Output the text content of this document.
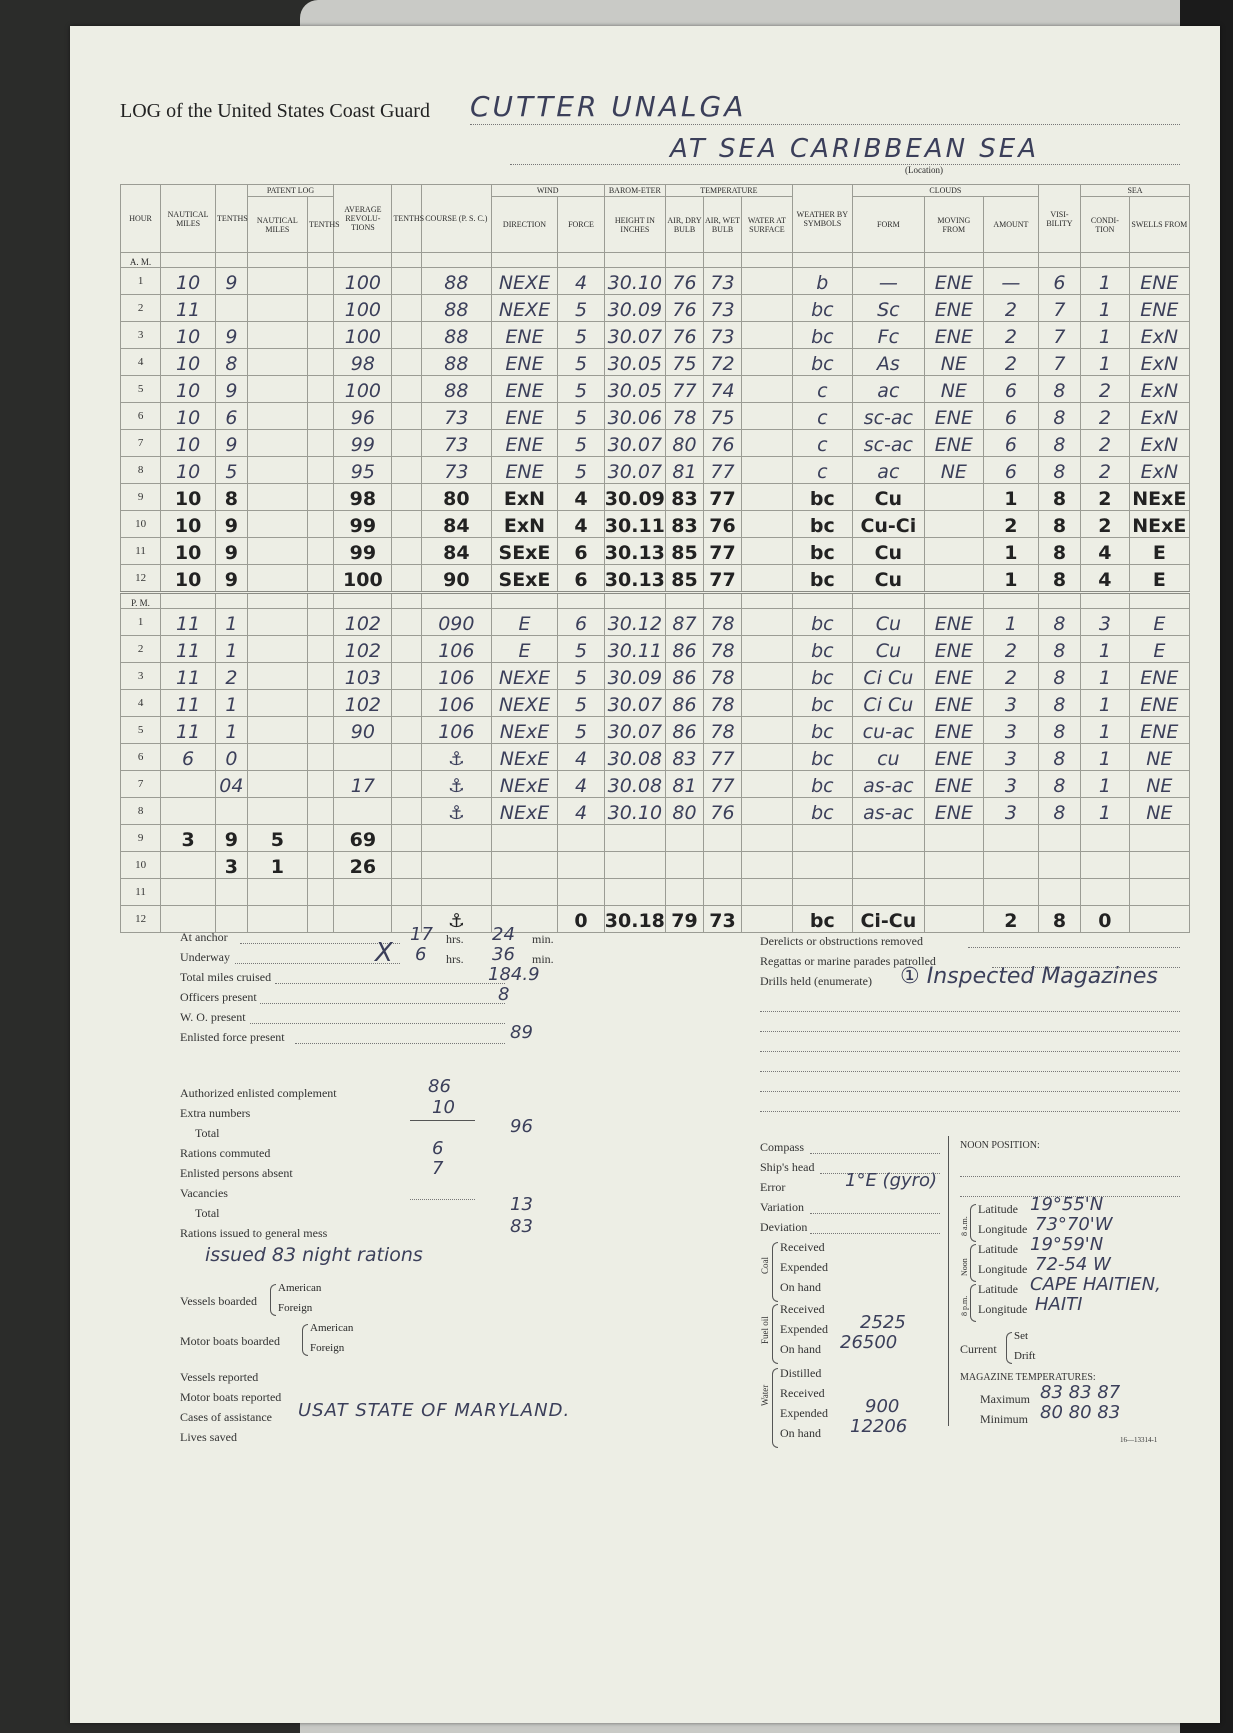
LOG of the United States Coast Guard CUTTER UNALGA
AT SEA CARIBBEAN SEA
(Location)
HOUR	NAUTICAL MILES	TENTHS	PATENT LOG		AVERAGE REVOLU-TIONS	TENTHS	COURSE (P. S. C.)	WIND		BAROM-ETER	TEMPERATURE			WEATHER BY SYMBOLS	CLOUDS			VISI-BILITY	SEA	
			NAUTICAL MILES	TENTHS				DIRECTION	FORCE	HEIGHT IN INCHES	AIR, DRY BULB	AIR, WET BULB	WATER AT SURFACE		FORM	MOVING FROM	AMOUNT		CONDI-TION	SWELLS FROM
A. M.																				
1	10	9			100		88	NEXE	4	30.10	76	73		b	—	ENE	—	6	1	ENE
2	11				100		88	NEXE	5	30.09	76	73		bc	Sc	ENE	2	7	1	ENE
3	10	9			100		88	ENE	5	30.07	76	73		bc	Fc	ENE	2	7	1	ExN
4	10	8			98		88	ENE	5	30.05	75	72		bc	As	NE	2	7	1	ExN
5	10	9			100		88	ENE	5	30.05	77	74		c	ac	NE	6	8	2	ExN
6	10	6			96		73	ENE	5	30.06	78	75		c	sc-ac	ENE	6	8	2	ExN
7	10	9			99		73	ENE	5	30.07	80	76		c	sc-ac	ENE	6	8	2	ExN
8	10	5			95		73	ENE	5	30.07	81	77		c	ac	NE	6	8	2	ExN
9	10	8			98		80	ExN	4	30.09	83	77		bc	Cu		1	8	2	NExE
10	10	9			99		84	ExN	4	30.11	83	76		bc	Cu-Ci		2	8	2	NExE
11	10	9			99		84	SExE	6	30.13	85	77		bc	Cu		1	8	4	E
12	10	9			100		90	SExE	6	30.13	85	77		bc	Cu		1	8	4	E
P. M.																				
1	11	1			102		090	E	6	30.12	87	78		bc	Cu	ENE	1	8	3	E
2	11	1			102		106	E	5	30.11	86	78		bc	Cu	ENE	2	8	1	E
3	11	2			103		106	NEXE	5	30.09	86	78		bc	Ci Cu	ENE	2	8	1	ENE
4	11	1			102		106	NEXE	5	30.07	86	78		bc	Ci Cu	ENE	3	8	1	ENE
5	11	1			90		106	NExE	5	30.07	86	78		bc	cu-ac	ENE	3	8	1	ENE
6	6	0					⚓	NExE	4	30.08	83	77		bc	cu	ENE	3	8	1	NE
7		04			17		⚓	NExE	4	30.08	81	77		bc	as-ac	ENE	3	8	1	NE
8							⚓	NExE	4	30.10	80	76		bc	as-ac	ENE	3	8	1	NE
9	3	9	5		69															
10		3	1		26															
11																				
12							⚓		0	30.18	79	73		bc	Ci-Cu		2	8	0	
At anchor	17 hrs. 24 min.
Underway	X 6 hrs. 36 min.
Total miles cruised	184.9
Officers present	8
W. O. present
Enlisted force present	89
Authorized enlisted complement	86
Extra numbers	10
Total	96
Rations commuted	6
Enlisted persons absent	7
Vacancies
Total	13
Rations issued to general mess	83
issued 83 night rations
Vessels boarded
American
Foreign
Motor boats boarded
American
Foreign
Vessels reported
Motor boats reported
Cases of assistance USAT STATE OF MARYLAND.
Lives saved
Derelicts or obstructions removed
Regattas or marine parades patrolled
Drills held (enumerate) ① Inspected Magazines
Compass
Ship's head
Error	1°E (gyro)
Variation
Deviation
Coal
Received
Expended
On hand
Fuel oil
Received
Expended 2525
On hand 26500
Water
Distilled
Received
Expended 900
On hand 12206
NOON POSITION:
8 a.m.
Latitude 19°55'N
Longitude 73°70'W
Noon
Latitude 19°59'N
Longitude 72-54 W
8 p.m.
Latitude CAPE HAITIEN,
Longitude HAITI
Current
Set
Drift
MAGAZINE TEMPERATURES:
Maximum 83 83 87
Minimum 80 80 83
16—13314-1
